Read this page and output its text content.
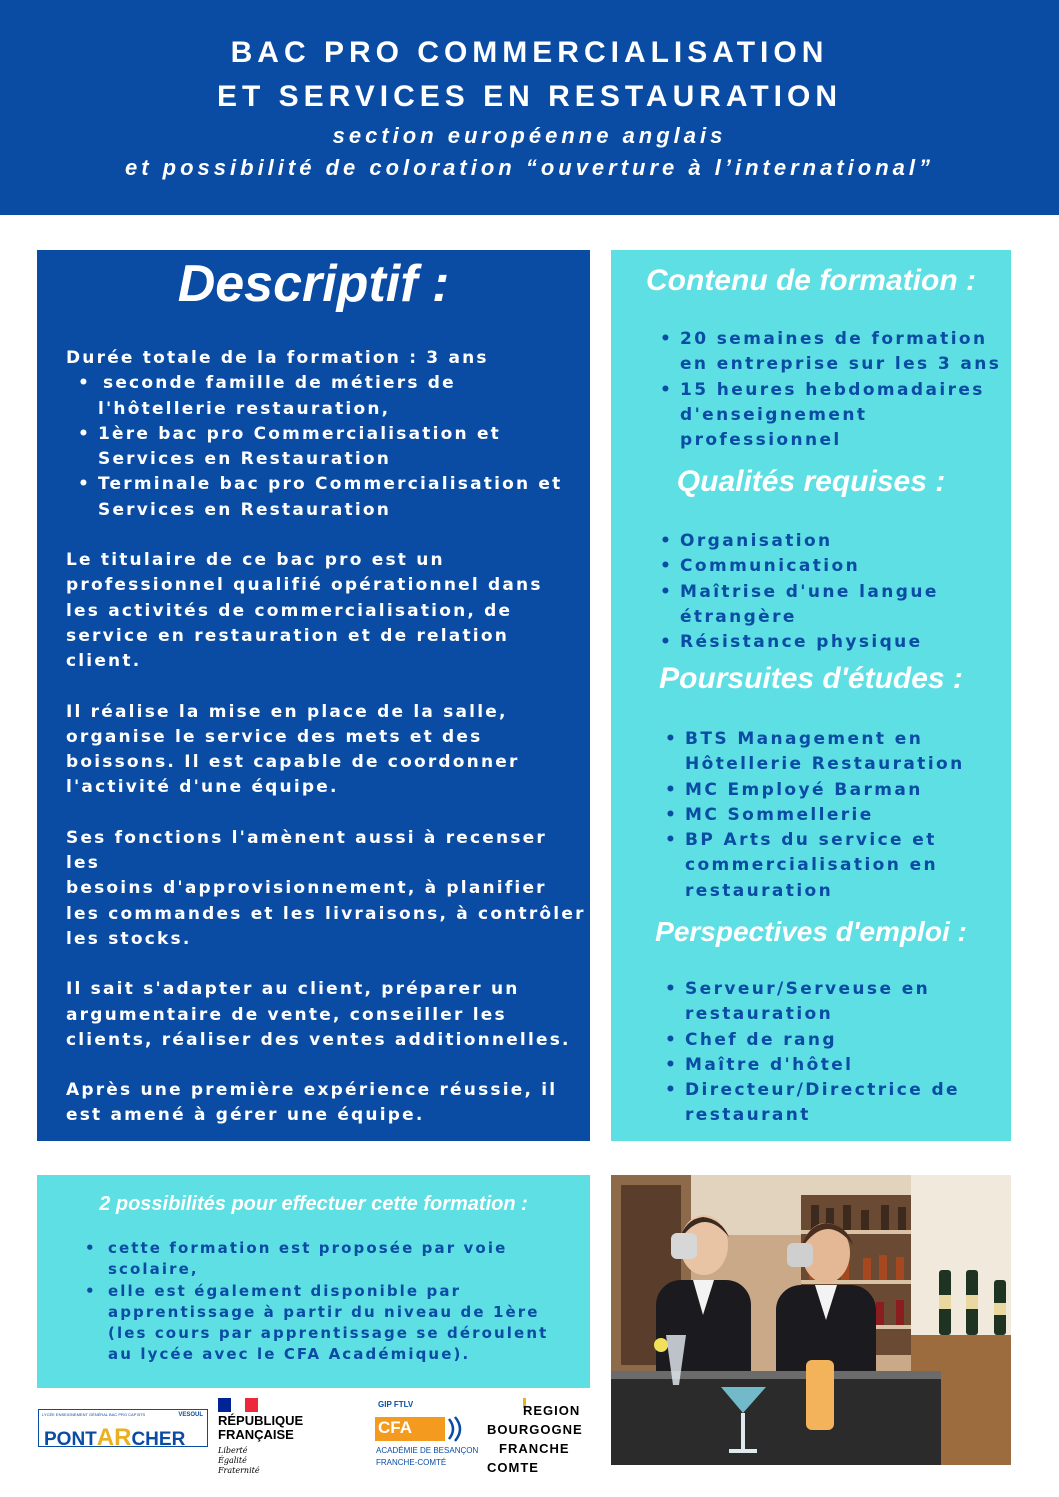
BAC PRO COMMERCIALISATION
ET SERVICES EN RESTAURATION
section européenne anglais
et possibilité de coloration “ouverture à l’international”
Descriptif :
Durée totale de la formation : 3 ans
• seconde famille de métiers de
l'hôtellerie restauration,
• 1ère bac pro Commercialisation et
Services en Restauration
• Terminale bac pro Commercialisation et
Services en Restauration
Le titulaire de ce bac pro est un
professionnel qualifié opérationnel dans
les activités de commercialisation, de
service en restauration et de relation
client.
Il réalise la mise en place de la salle,
organise le service des mets et des
boissons. Il est capable de coordonner
l'activité d'une équipe.
Ses fonctions l'amènent aussi à recenser les
besoins d'approvisionnement, à planifier
les commandes et les livraisons, à contrôler
les stocks.
Il sait s'adapter au client, préparer un
argumentaire de vente, conseiller les
clients, réaliser des ventes additionnelles.
Après une première expérience réussie, il
est amené à gérer une équipe.
Contenu de formation :
• 20 semaines de formation
en entreprise sur les 3 ans
• 15 heures hebdomadaires
d'enseignement
professionnel
Qualités requises :
• Organisation
• Communication
• Maîtrise d'une langue
étrangère
• Résistance physique
Poursuites d'études :
• BTS Management en
Hôtellerie Restauration
• MC Employé Barman
• MC Sommellerie
• BP Arts du service et
commercialisation en
restauration
Perspectives d'emploi :
• Serveur/Serveuse en
restauration
• Chef de rang
• Maître d'hôtel
• Directeur/Directrice de
restaurant
2 possibilités pour effectuer cette formation :
• cette formation est proposée par voie
scolaire,
• elle est également disponible par
apprentissage à partir du niveau de 1ère
(les cours par apprentissage se déroulent
au lycée avec le CFA Académique).
LYCÉE ENSEIGNEMENT GÉNÉRAL BAC PRO CAP BTS	VESOUL
PONTARCHER
RÉPUBLIQUE
FRANÇAISE
Liberté
Égalité
Fraternité
GIP FTLV
CFA
ACADÉMIE DE BESANÇON
FRANCHE-COMTÉ
REGION
BOURGOGNE
FRANCHE
COMTE
